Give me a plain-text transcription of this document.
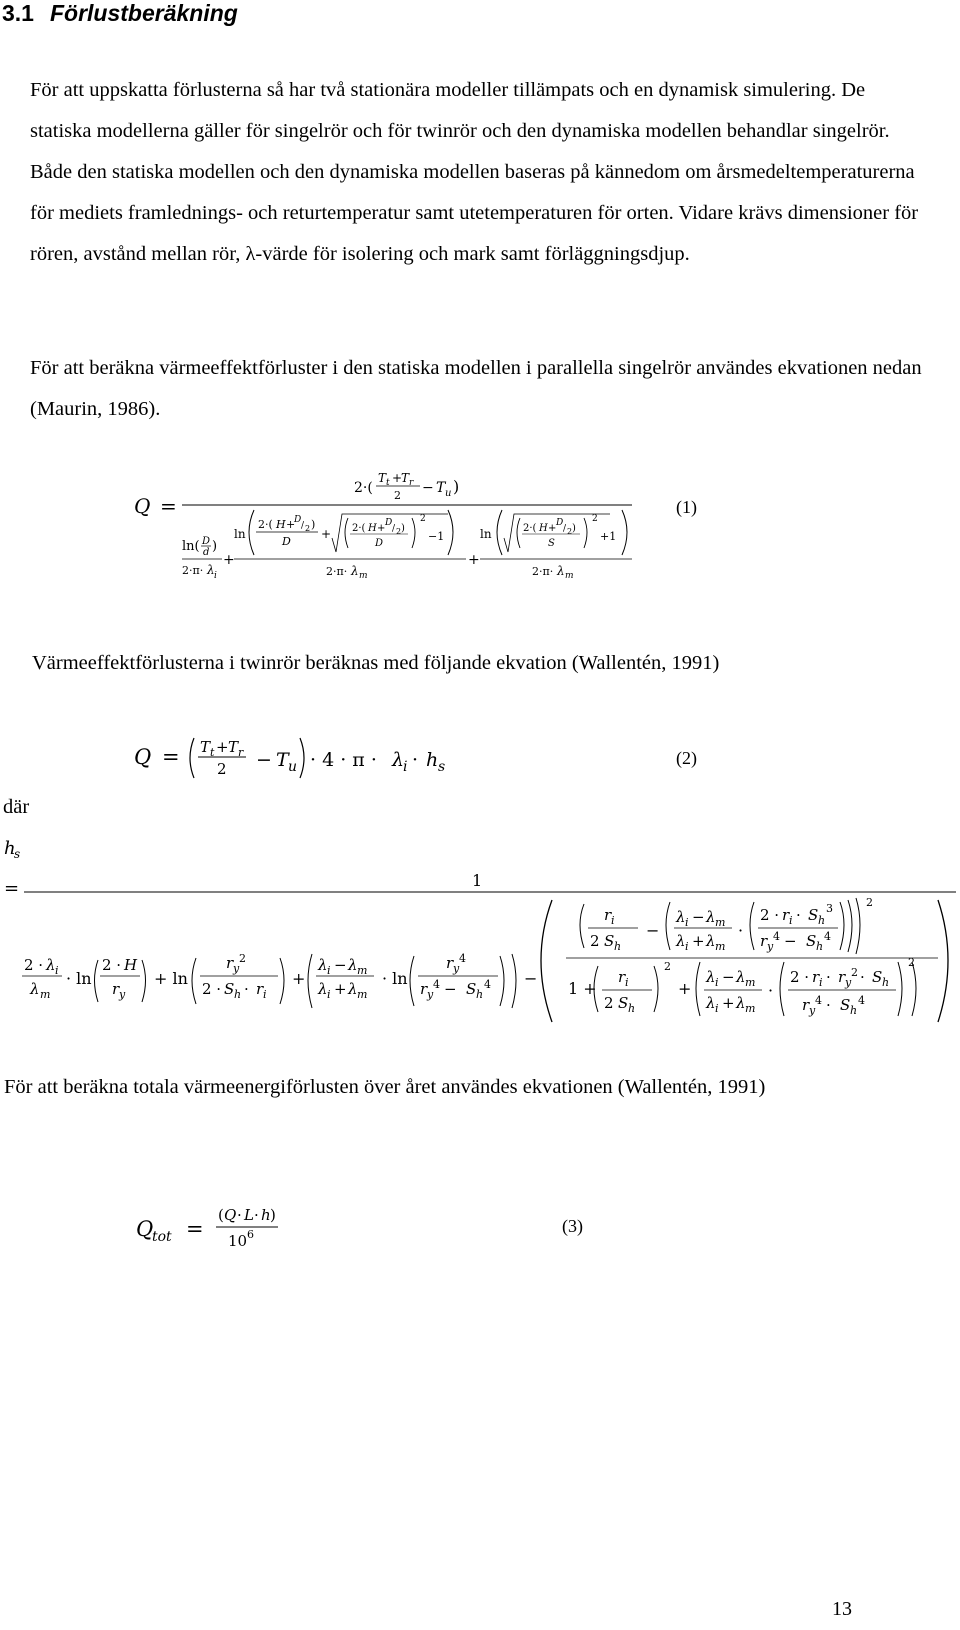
3.1 Förlustberäkning
För att uppskatta förlusterna så har två stationära modeller tillämpats och en dynamisk simulering. De statiska modellerna gäller för singelrör och för twinrör och den dynamiska modellen behandlar singelrör. Både den statiska modellen och den dynamiska modellen baseras på kännedom om årsmedeltemperaturerna för mediets framlednings- och returtemperatur samt utetemperaturen för orten. Vidare krävs dimensioner för rören, avstånd mellan rör, λ-värde för isolering och mark samt förläggningsdjup.
För att beräkna värmeeffektförluster i den statiska modellen i parallella singelrör användes ekvationen nedan (Maurin, 1986).
Q =
2·(
T t +
T r
2 − T u )
ln( D
d )
2·π· λ i
+
ln
2·( H +
D
/ 2 )
D
+ 2·( H + D
/ 2 )
D
2
−1
2·π· λ m
+
ln	2·( H + D
/ 2 )
S
2
+1
2·π· λ m
(1)
Värmeeffektförlusterna i twinrör beräknas med följande ekvation (Wallentén, 1991)
Q = T t + T r
2 − T u · 4 · π · λ
i · h s	(2)
där
h
s
=	1
2 · λ i
λ m
· ln
2 · H
r y
+ ln
r y
2
2 · S h · r i
+
λ i − λ m
λ i + λ m
· ln
r y
4
r y
4 − S h
4 −
r i
2 S h
−
λ i − λ m
λ i + λ m
·
2 · r i · S h
3
r y
4 − S h
4
2
1 +
r i
2 S h
2
+
λ i − λ m
λ i + λ m
·
2 · r i · r y
2 · S h
r y
4 · S h
4
2
För att beräkna totala värmeenergiförlusten över året användes ekvationen (Wallentén, 1991)
Q
tot =
( Q · L · h )
10 6	(3)
13
